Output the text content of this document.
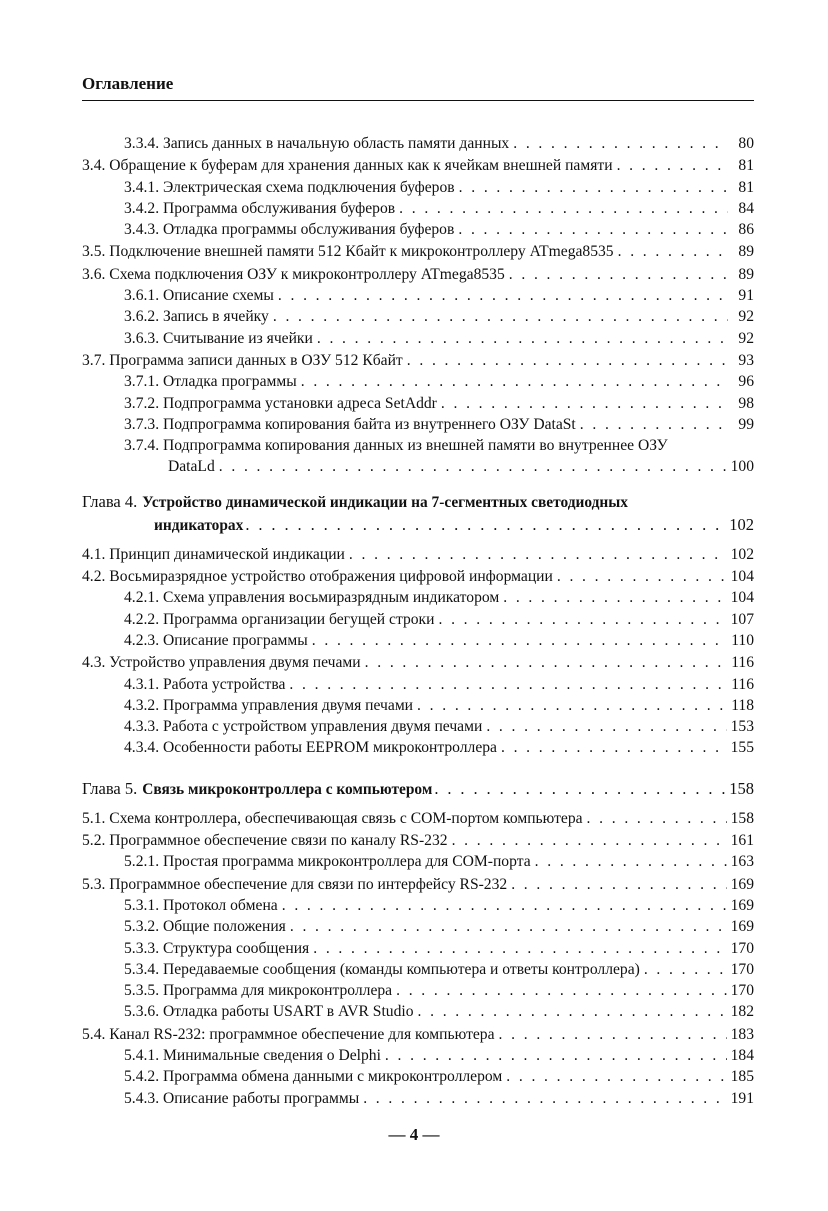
Оглавление
3.3.4. Запись данных в начальную область памяти данных . . .	80
3.4. Обращение к буферам для хранения данных как к ячейкам внешней памяти . . .	81
3.4.1. Электрическая схема подключения буферов . . .	81
3.4.2. Программа обслуживания буферов . . .	84
3.4.3. Отладка программы обслуживания буферов . . .	86
3.5. Подключение внешней памяти 512 Кбайт к микроконтроллеру ATmega8535 . . .	89
3.6. Схема подключения ОЗУ к микроконтроллеру ATmega8535 . . .	89
3.6.1. Описание схемы . . .	91
3.6.2. Запись в ячейку . . .	92
3.6.3. Считывание из ячейки . . .	92
3.7. Программа записи данных в ОЗУ 512 Кбайт . . .	93
3.7.1. Отладка программы . . .	96
3.7.2. Подпрограмма установки адреса SetAddr . . .	98
3.7.3. Подпрограмма копирования байта из внутреннего ОЗУ DataSt . . .	99
3.7.4. Подпрограмма копирования данных из внешней памяти во внутреннее ОЗУ
DataLd . . .	100
Глава 4. Устройство динамической индикации на 7-сегментных светодиодных
индикаторах . . .	102
4.1. Принцип динамической индикации . . .	102
4.2. Восьмиразрядное устройство отображения цифровой информации . . .	104
4.2.1. Схема управления восьмиразрядным индикатором . . .	104
4.2.2. Программа организации бегущей строки . . .	107
4.2.3. Описание программы . . .	110
4.3. Устройство управления двумя печами . . .	116
4.3.1. Работа устройства . . .	116
4.3.2. Программа управления двумя печами . . .	118
4.3.3. Работа с устройством управления двумя печами . . .	153
4.3.4. Особенности работы EEPROM микроконтроллера . . .	155
Глава 5. Связь микроконтроллера с компьютером . . .	158
5.1. Схема контроллера, обеспечивающая связь с COM-портом компьютера . . .	158
5.2. Программное обеспечение связи по каналу RS-232 . . .	161
5.2.1. Простая программа микроконтроллера для COM-порта . . .	163
5.3. Программное обеспечение для связи по интерфейсу RS-232 . . .	169
5.3.1. Протокол обмена . . .	169
5.3.2. Общие положения . . .	169
5.3.3. Структура сообщения . . .	170
5.3.4. Передаваемые сообщения (команды компьютера и ответы контроллера) . . .	170
5.3.5. Программа для микроконтроллера . . .	170
5.3.6. Отладка работы USART в AVR Studio . . .	182
5.4. Канал RS-232: программное обеспечение для компьютера . . .	183
5.4.1. Минимальные сведения о Delphi . . .	184
5.4.2. Программа обмена данными с микроконтроллером . . .	185
5.4.3. Описание работы программы . . .	191
— 4 —
